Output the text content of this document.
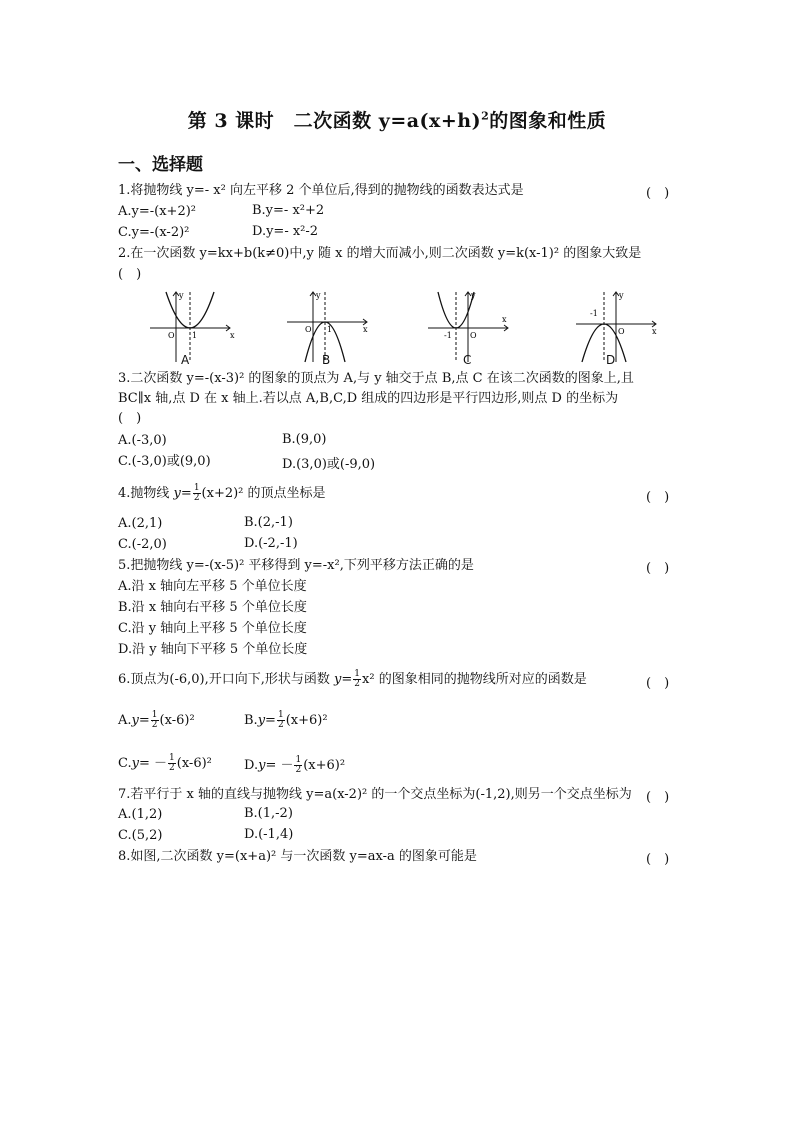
第 3 课时　二次函数 $y=a(x+h)^2$的图象和性质
一、选择题
1.将抛物线 y=- x² 向左平移 2 个单位后,得到的抛物线的函数表达式是	(　)
A.y=-(x+2)²	B.y=- x²+2
C.y=-(x-2)²	D.y=- x²-2
2.在一次函数 y=kx+b(k≠0)中,y 随 x 的增大而减小,则二次函数 y=k(x-1)² 的图象大致是
(　)
y
x
O 1
A
y
x
O 1
B
y
x
O
-1
C
y
x
O
-1
D
3.二次函数 y=-(x-3)² 的图象的顶点为 A,与 y 轴交于点 B,点 C 在该二次函数的图象上,且
BC∥x 轴,点 D 在 x 轴上.若以点 A,B,C,D 组成的四边形是平行四边形,则点 D 的坐标为
(　)
A.(-3,0)	B.(9,0)
C.(-3,0)或(9,0)	D.(3,0)或(-9,0)
4.抛物线 $y= \frac{1}{2} (x+2)^2$ 的顶点坐标是	(　)
A.(2,1)	B.(2,-1)
C.(-2,0)	D.(-2,-1)
5.把抛物线 y=-(x-5)² 平移得到 y=-x²,下列平移方法正确的是	(　)
A.沿 x 轴向左平移 5 个单位长度
B.沿 x 轴向右平移 5 个单位长度
C.沿 y 轴向上平移 5 个单位长度
D.沿 y 轴向下平移 5 个单位长度
6.顶点为(-6,0),开口向下,形状与函数 $y= \frac{1}{2} x^2$ 的图象相同的抛物线所对应的函数是	(　)
$A.y= \frac{1}{2} (x-6)^2$	$B.y= \frac{1}{2} (x+6)^2$
$C.y= - \frac{1}{2} (x-6)^2$ $D.y= - \frac{1}{2} (x+6)^2$
7.若平行于 x 轴的直线与抛物线 y=a(x-2)² 的一个交点坐标为(-1,2),则另一个交点坐标为 (　)
A.(1,2)	B.(1,-2)
C.(5,2)	D.(-1,4)
8.如图,二次函数 y=(x+a)² 与一次函数 y=ax-a 的图象可能是	(　)
